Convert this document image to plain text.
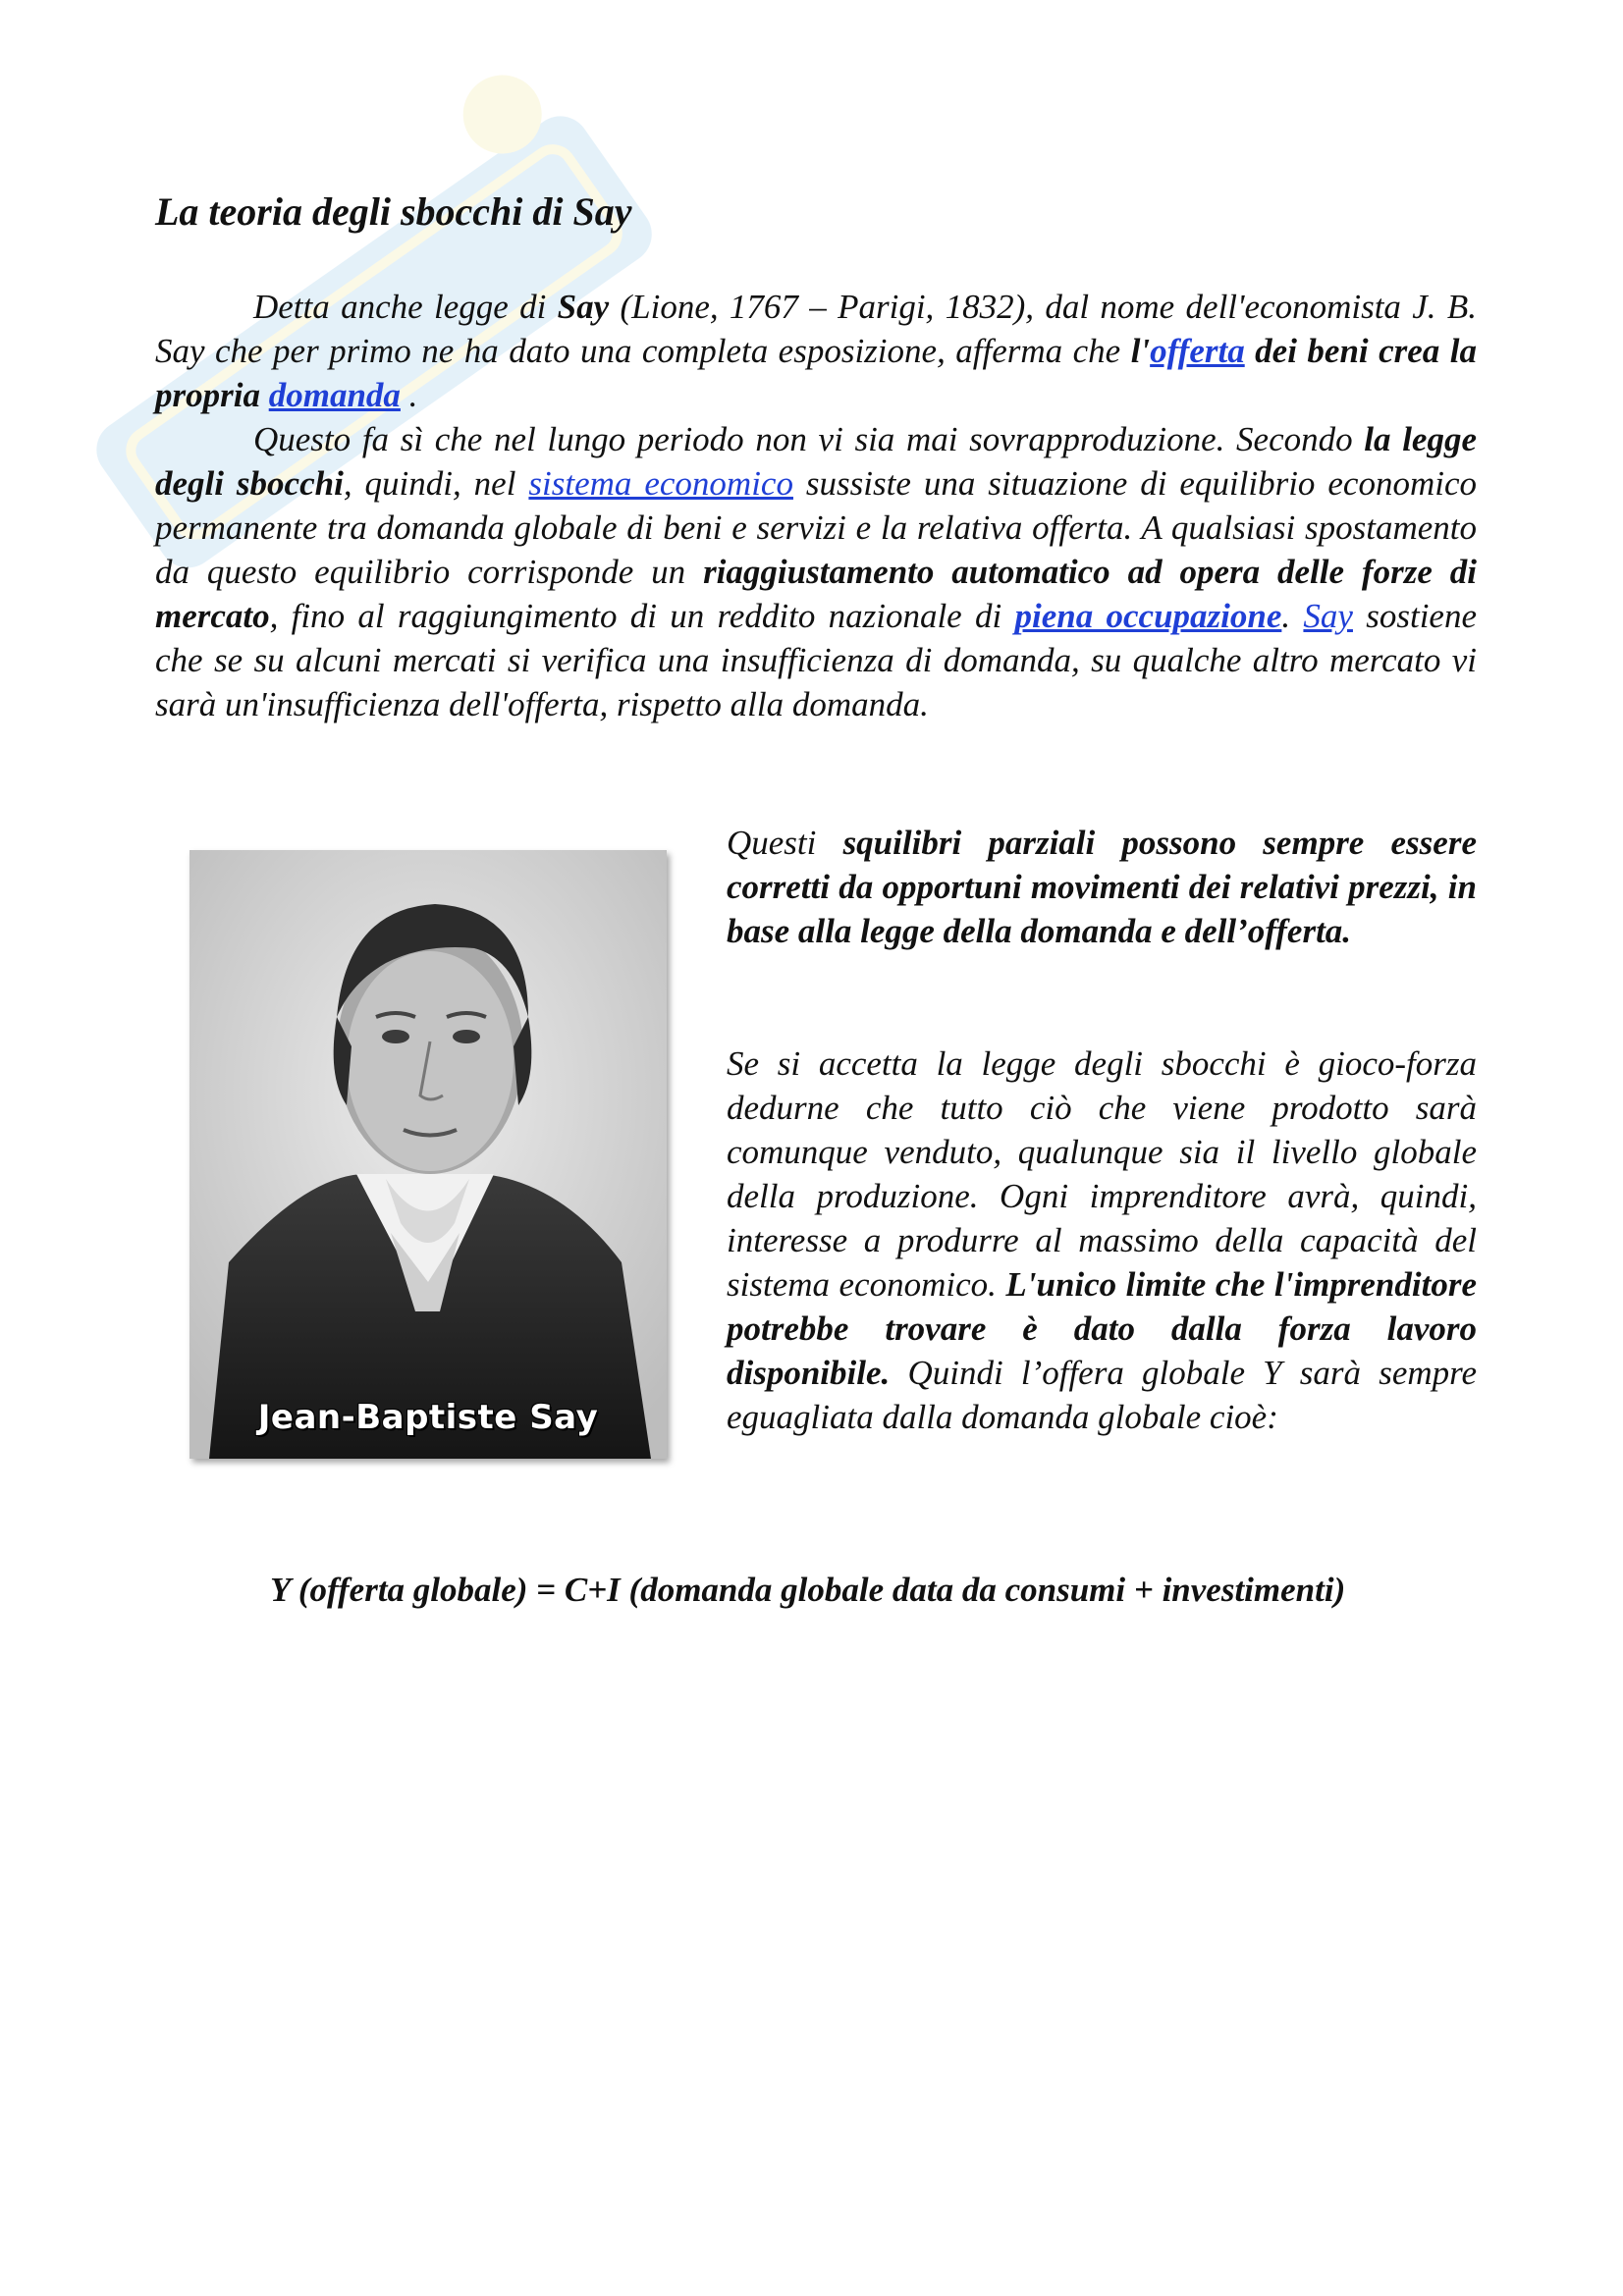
La teoria degli sbocchi di Say

Detta anche legge di Say (Lione, 1767 – Parigi, 1832), dal nome dell'economista J. B. Say che per primo ne ha dato una completa esposizione, afferma che l'offerta dei beni crea la propria domanda .

Questo fa sì che nel lungo periodo non vi sia mai sovrapproduzione. Secondo la legge degli sbocchi, quindi, nel sistema economico sussiste una situazione di equilibrio economico permanente tra domanda globale di beni e servizi e la relativa offerta. A qualsiasi spostamento da questo equilibrio corrisponde un riaggiustamento automatico ad opera delle forze di mercato, fino al raggiungimento di un reddito nazionale di piena occupazione. Say sostiene che se su alcuni mercati si verifica una insufficienza di domanda, su qualche altro mercato vi sarà un'insufficienza dell'offerta, rispetto alla domanda.

Jean-Baptiste Say

Questi squilibri parziali possono sempre essere corretti da opportuni movimenti dei relativi prezzi, in base alla legge della domanda e dell’offerta.

Se si accetta la legge degli sbocchi è gioco-forza dedurne che tutto ciò che viene prodotto sarà comunque venduto, qualunque sia il livello globale della produzione. Ogni imprenditore avrà, quindi, interesse a produrre al massimo della capacità del sistema economico. L'unico limite che l'imprenditore potrebbe trovare è dato dalla forza lavoro disponibile. Quindi l’offera globale Y sarà sempre eguagliata dalla domanda globale cioè:

Y (offerta globale) = C+I (domanda globale data da consumi + investimenti)
